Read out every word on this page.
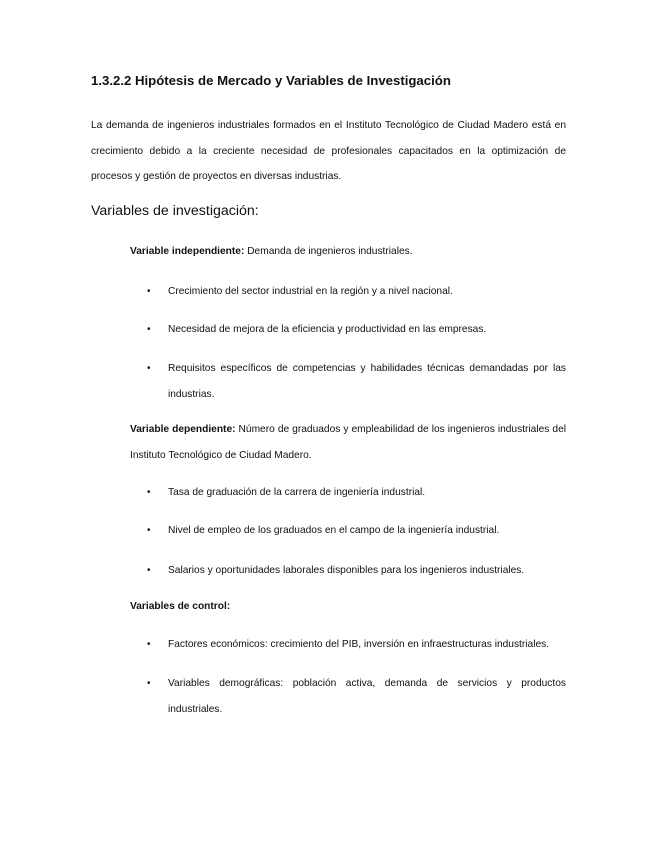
1.3.2.2 Hipótesis de Mercado y Variables de Investigación
La demanda de ingenieros industriales formados en el Instituto Tecnológico de Ciudad Madero está en crecimiento debido a la creciente necesidad de profesionales capacitados en la optimización de procesos y gestión de proyectos en diversas industrias.
Variables de investigación:
Variable independiente: Demanda de ingenieros industriales.
•
Crecimiento del sector industrial en la región y a nivel nacional.
•
Necesidad de mejora de la eficiencia y productividad en las empresas.
•
Requisitos específicos de competencias y habilidades técnicas demandadas por las industrias.
Variable dependiente: Número de graduados y empleabilidad de los ingenieros industriales del Instituto Tecnológico de Ciudad Madero.
•
Tasa de graduación de la carrera de ingeniería industrial.
•
Nivel de empleo de los graduados en el campo de la ingeniería industrial.
•
Salarios y oportunidades laborales disponibles para los ingenieros industriales.
Variables de control:
•
Factores económicos: crecimiento del PIB, inversión en infraestructuras industriales.
•
Variables demográficas: población activa, demanda de servicios y productos industriales.
